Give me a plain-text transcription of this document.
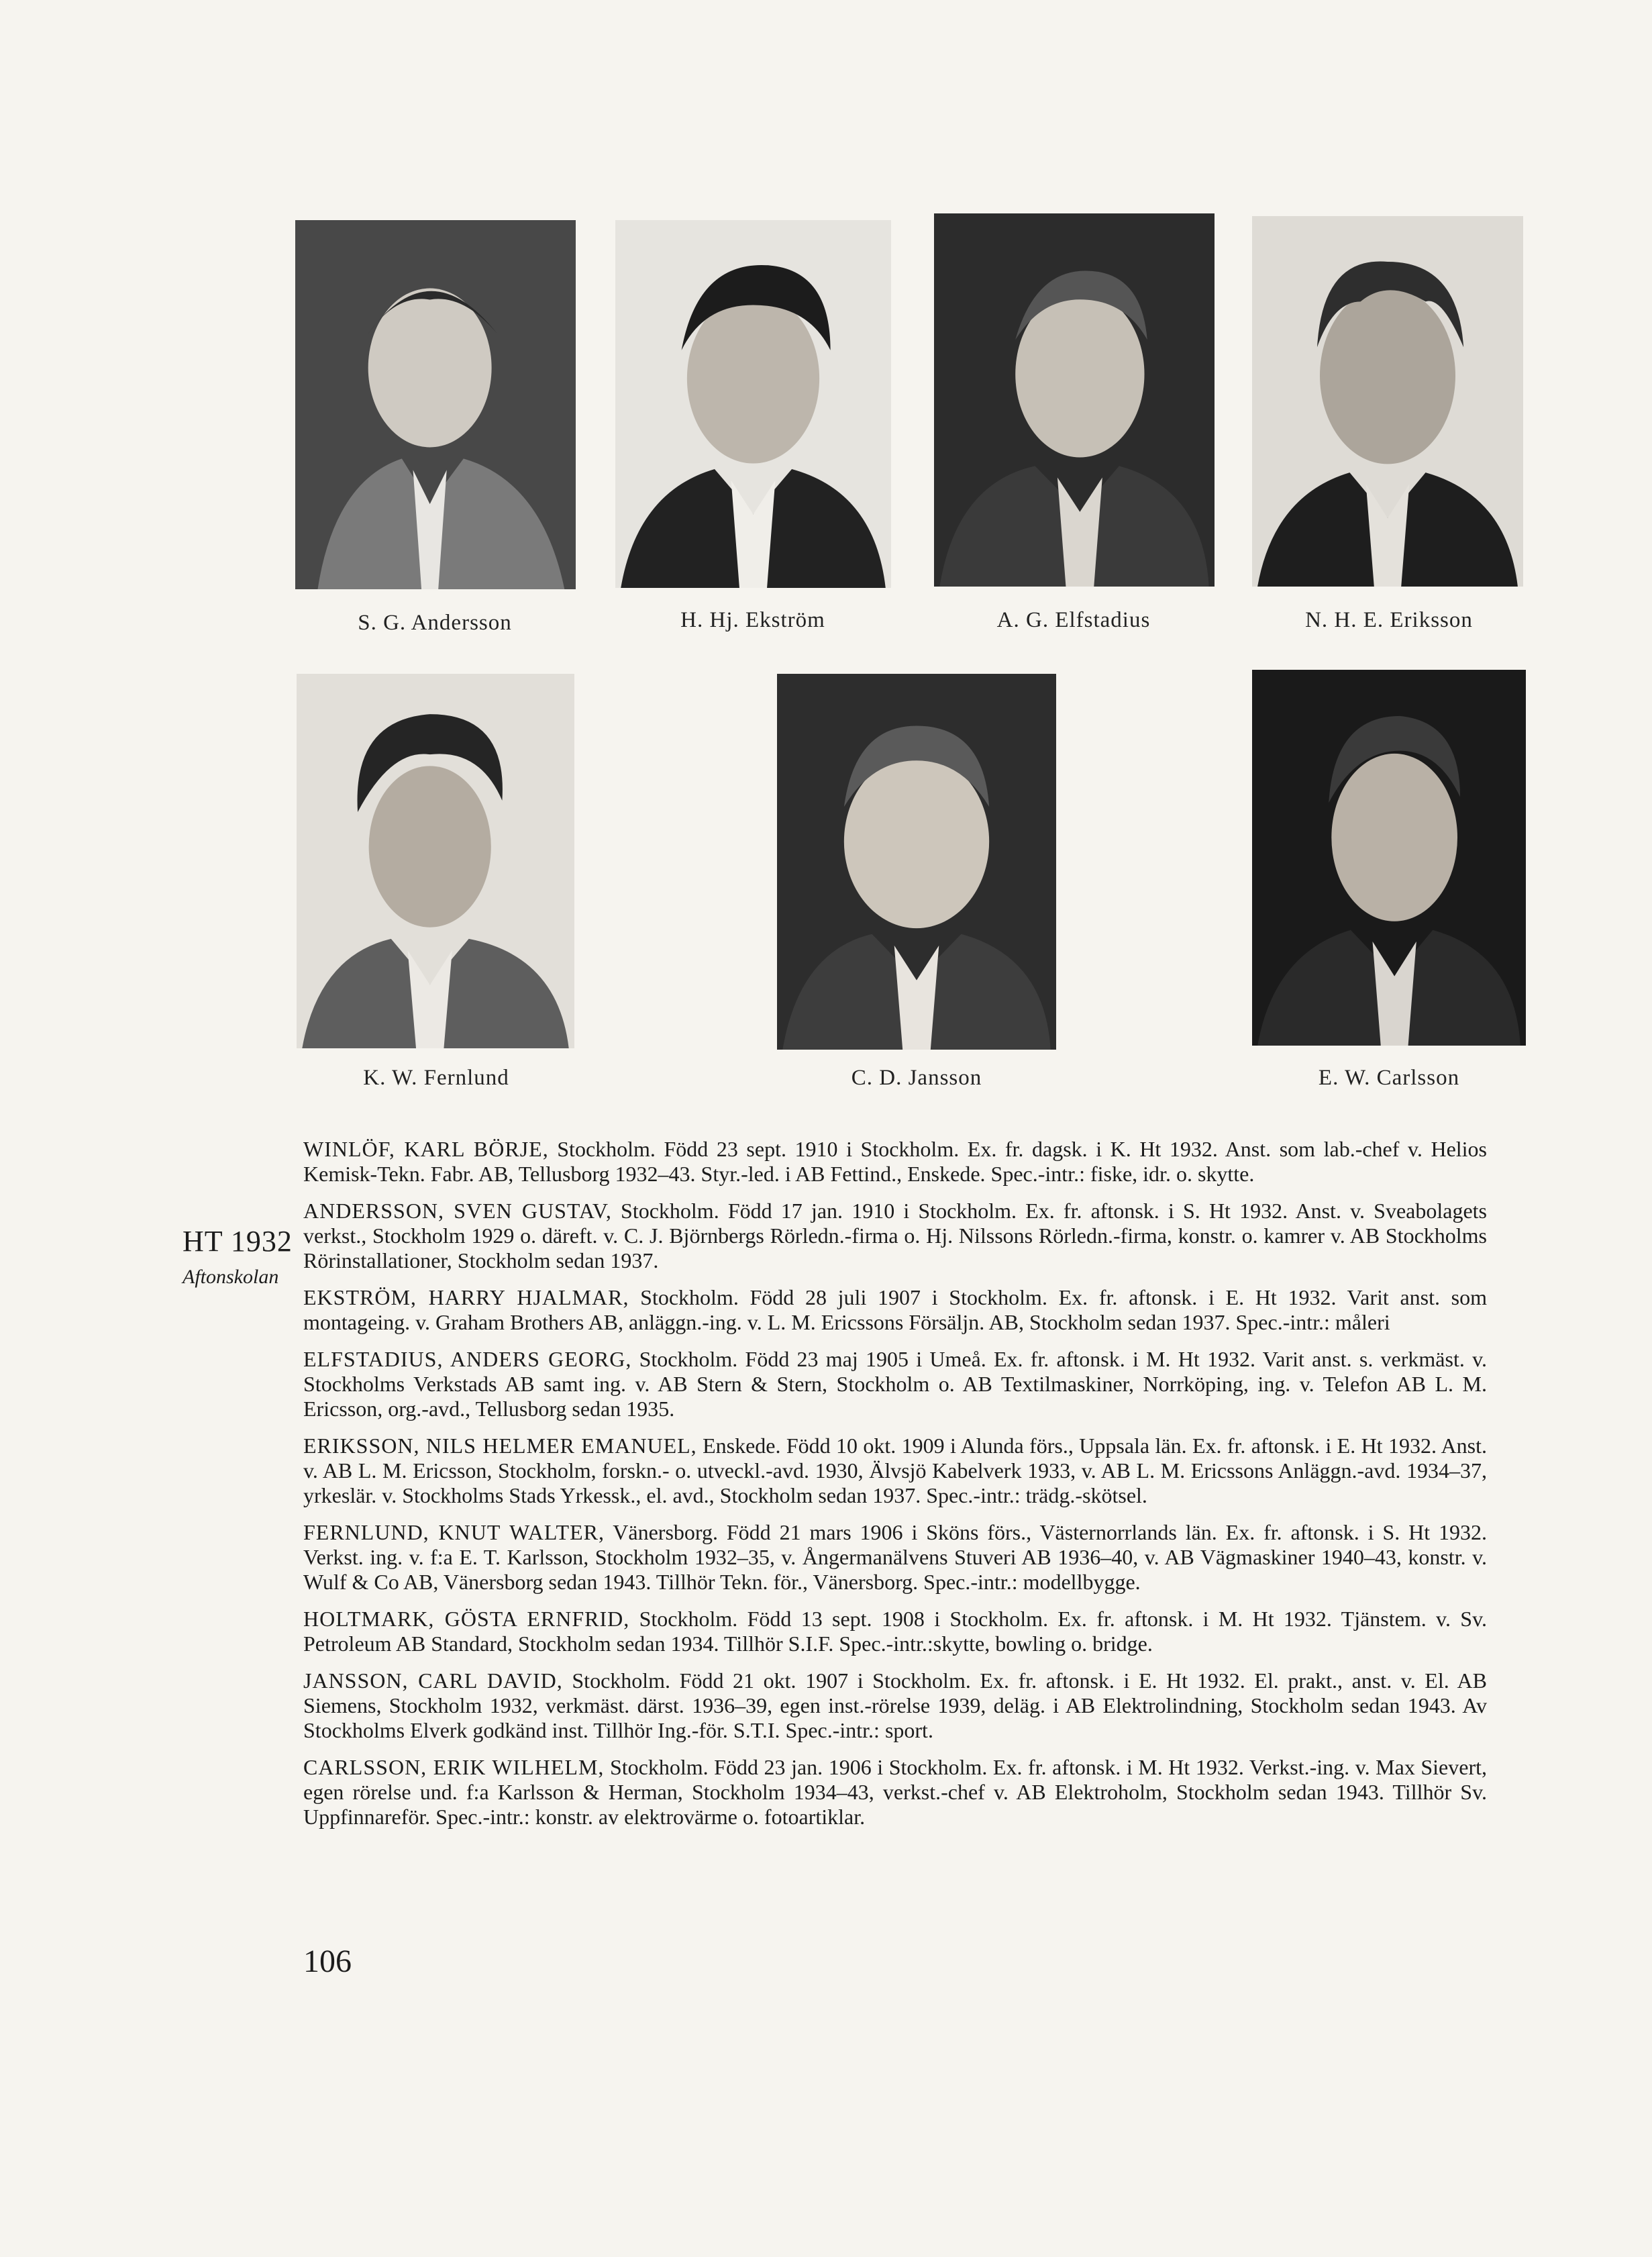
S. G. Andersson	H. Hj. Ekström	A. G. Elfstadius	N. H. E. Eriksson
K. W. Fernlund	C. D. Jansson	E. W. Carlsson
HT 1932
Aftonskolan

WINLÖF, KARL BÖRJE, Stockholm. Född 23 sept. 1910 i Stockholm. Ex. fr. dagsk. i K. Ht 1932. Anst. som lab.-chef v. Helios Kemisk-Tekn. Fabr. AB, Tellusborg 1932–43. Styr.-led. i AB Fettind., Enskede. Spec.-intr.: fiske, idr. o. skytte.

ANDERSSON, SVEN GUSTAV, Stockholm. Född 17 jan. 1910 i Stockholm. Ex. fr. aftonsk. i S. Ht 1932. Anst. v. Sveabolagets verkst., Stockholm 1929 o. däreft. v. C. J. Björnbergs Rörledn.-firma o. Hj. Nilssons Rörledn.-firma, konstr. o. kamrer v. AB Stockholms Rörinstallationer, Stockholm sedan 1937.

EKSTRÖM, HARRY HJALMAR, Stockholm. Född 28 juli 1907 i Stockholm. Ex. fr. aftonsk. i E. Ht 1932. Varit anst. som montageing. v. Graham Brothers AB, anläggn.-ing. v. L. M. Ericssons Försäljn. AB, Stockholm sedan 1937. Spec.-intr.: måleri

ELFSTADIUS, ANDERS GEORG, Stockholm. Född 23 maj 1905 i Umeå. Ex. fr. aftonsk. i M. Ht 1932. Varit anst. s. verkmäst. v. Stockholms Verkstads AB samt ing. v. AB Stern & Stern, Stockholm o. AB Textilmaskiner, Norrköping, ing. v. Telefon AB L. M. Ericsson, org.-avd., Tellusborg sedan 1935.

ERIKSSON, NILS HELMER EMANUEL, Enskede. Född 10 okt. 1909 i Alunda förs., Uppsala län. Ex. fr. aftonsk. i E. Ht 1932. Anst. v. AB L. M. Ericsson, Stockholm, forskn.- o. utveckl.-avd. 1930, Älvsjö Kabelverk 1933, v. AB L. M. Ericssons Anläggn.-avd. 1934–37, yrkeslär. v. Stockholms Stads Yrkessk., el. avd., Stockholm sedan 1937. Spec.-intr.: trädg.-skötsel.

FERNLUND, KNUT WALTER, Vänersborg. Född 21 mars 1906 i Sköns förs., Västernorrlands län. Ex. fr. aftonsk. i S. Ht 1932. Verkst. ing. v. f:a E. T. Karlsson, Stockholm 1932–35, v. Ångermanälvens Stuveri AB 1936–40, v. AB Vägmaskiner 1940–43, konstr. v. Wulf & Co AB, Vänersborg sedan 1943. Tillhör Tekn. för., Vänersborg. Spec.-intr.: modellbygge.

HOLTMARK, GÖSTA ERNFRID, Stockholm. Född 13 sept. 1908 i Stockholm. Ex. fr. aftonsk. i M. Ht 1932. Tjänstem. v. Sv. Petroleum AB Standard, Stockholm sedan 1934. Tillhör S.I.F. Spec.-intr.:skytte, bowling o. bridge.

JANSSON, CARL DAVID, Stockholm. Född 21 okt. 1907 i Stockholm. Ex. fr. aftonsk. i E. Ht 1932. El. prakt., anst. v. El. AB Siemens, Stockholm 1932, verkmäst. därst. 1936–39, egen inst.-rörelse 1939, deläg. i AB Elektrolindning, Stockholm sedan 1943. Av Stockholms Elverk godkänd inst. Tillhör Ing.-för. S.T.I. Spec.-intr.: sport.

CARLSSON, ERIK WILHELM, Stockholm. Född 23 jan. 1906 i Stockholm. Ex. fr. aftonsk. i M. Ht 1932. Verkst.-ing. v. Max Sievert, egen rörelse und. f:a Karlsson & Herman, Stockholm 1934–43, verkst.-chef v. AB Elektroholm, Stockholm sedan 1943. Tillhör Sv. Uppfinnareför. Spec.-intr.: konstr. av elektrovärme o. fotoartiklar.

106
